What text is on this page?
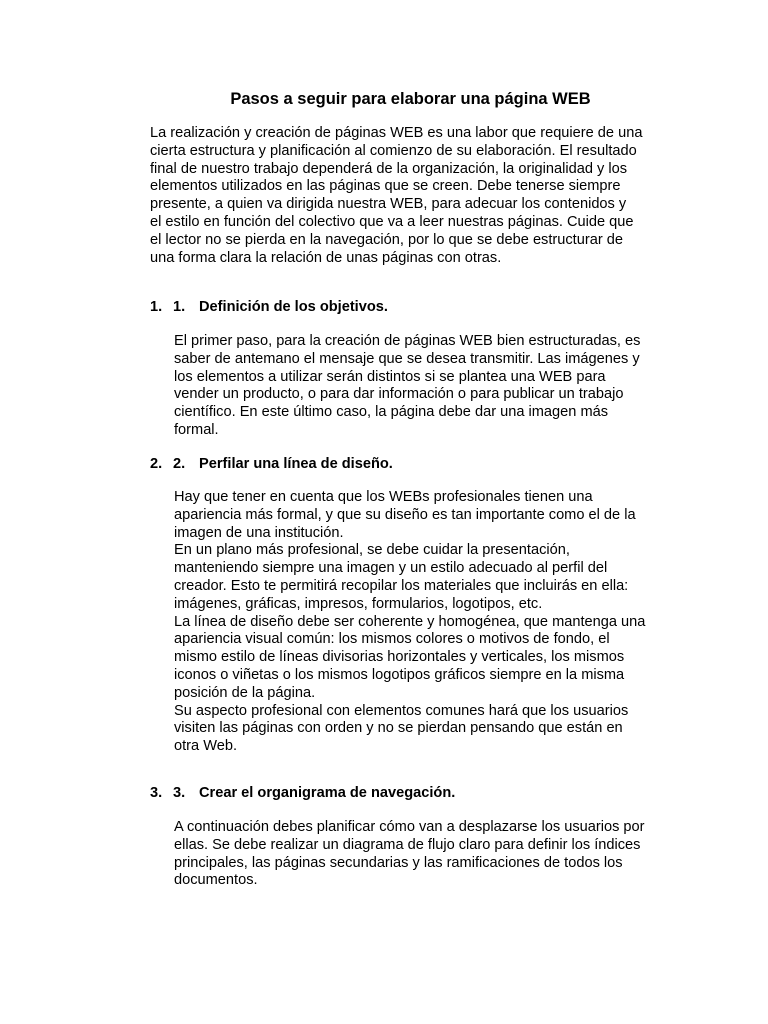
Pasos a seguir para elaborar una página WEB

La realización y creación de páginas WEB es una labor que requiere de una
cierta estructura y planificación al comienzo de su elaboración. El resultado
final de nuestro trabajo dependerá de la organización, la originalidad y los
elementos utilizados en las páginas que se creen. Debe tenerse siempre
presente, a quien va dirigida nuestra WEB, para adecuar los contenidos y
el estilo en función del colectivo que va a leer nuestras páginas. Cuide que
el lector no se pierda en la navegación, por lo que se debe estructurar de
una forma clara la relación de unas páginas con otras.

1. 1. Definición de los objetivos.

El primer paso, para la creación de páginas WEB bien estructuradas, es
saber de antemano el mensaje que se desea transmitir. Las imágenes y
los elementos a utilizar serán distintos si se plantea una WEB para
vender un producto, o para dar información o para publicar un trabajo
científico. En este último caso, la página debe dar una imagen más
formal.

2. 2. Perfilar una línea de diseño.

Hay que tener en cuenta que los WEBs profesionales tienen una
apariencia más formal, y que su diseño es tan importante como el de la
imagen de una institución.
En un plano más profesional, se debe cuidar la presentación,
manteniendo siempre una imagen y un estilo adecuado al perfil del
creador. Esto te permitirá recopilar los materiales que incluirás en ella:
imágenes, gráficas, impresos, formularios, logotipos, etc.
La línea de diseño debe ser coherente y homogénea, que mantenga una
apariencia visual común: los mismos colores o motivos de fondo, el
mismo estilo de líneas divisorias horizontales y verticales, los mismos
iconos o viñetas o los mismos logotipos gráficos siempre en la misma
posición de la página.
Su aspecto profesional con elementos comunes hará que los usuarios
visiten las páginas con orden y no se pierdan pensando que están en
otra Web.

3. 3. Crear el organigrama de navegación.

A continuación debes planificar cómo van a desplazarse los usuarios por
ellas. Se debe realizar un diagrama de flujo claro para definir los índices
principales, las páginas secundarias y las ramificaciones de todos los
documentos.
